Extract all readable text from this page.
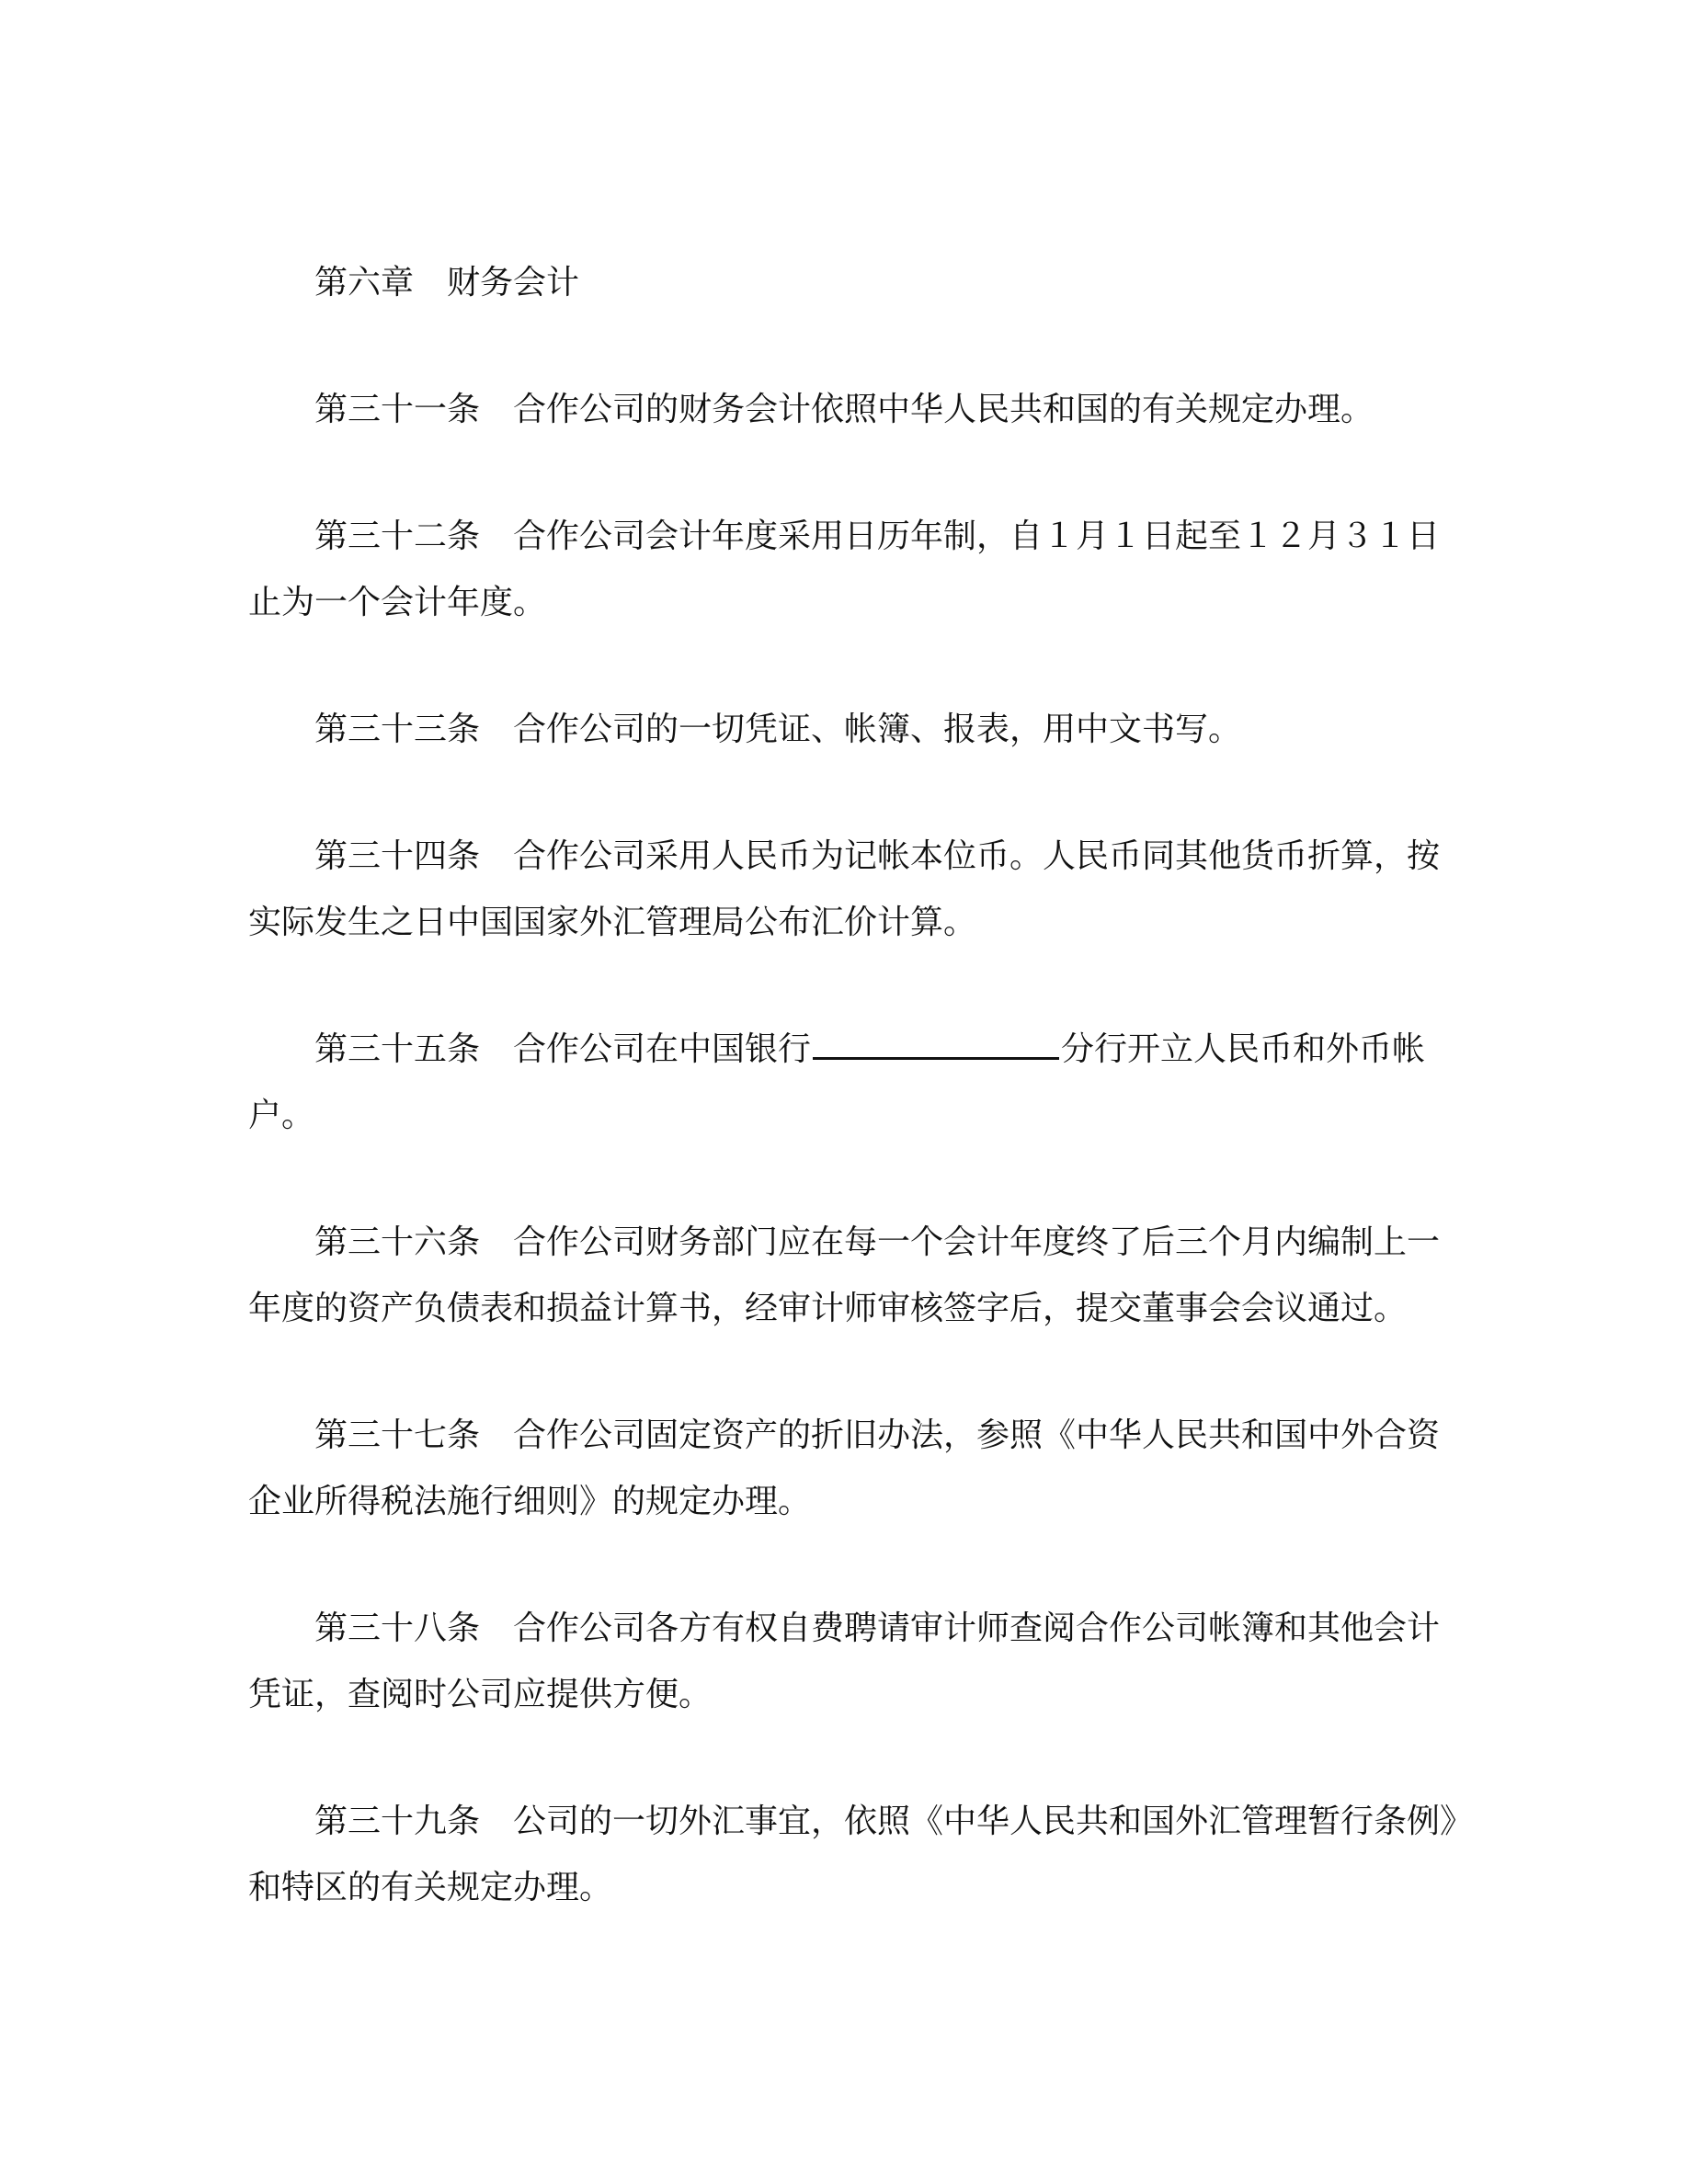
第六章　财务会计
第三十一条　合作公司的财务会计依照中华人民共和国的有关规定办理。
第三十二条　合作公司会计年度采用日历年制，自１月１日起至１２月３１日
止为一个会计年度。
第三十三条　合作公司的一切凭证、帐簿、报表，用中文书写。
第三十四条　合作公司采用人民币为记帐本位币。人民币同其他货币折算，按
实际发生之日中国国家外汇管理局公布汇价计算。
第三十五条　合作公司在中国银行	分行开立人民币和外币帐
户。
第三十六条　合作公司财务部门应在每一个会计年度终了后三个月内编制上一
年度的资产负债表和损益计算书，经审计师审核签字后，提交董事会会议通过。
第三十七条　合作公司固定资产的折旧办法，参照《中华人民共和国中外合资
企业所得税法施行细则》的规定办理。
第三十八条　合作公司各方有权自费聘请审计师查阅合作公司帐簿和其他会计
凭证，查阅时公司应提供方便。
第三十九条　公司的一切外汇事宜，依照《中华人民共和国外汇管理暂行条例》
和特区的有关规定办理。
